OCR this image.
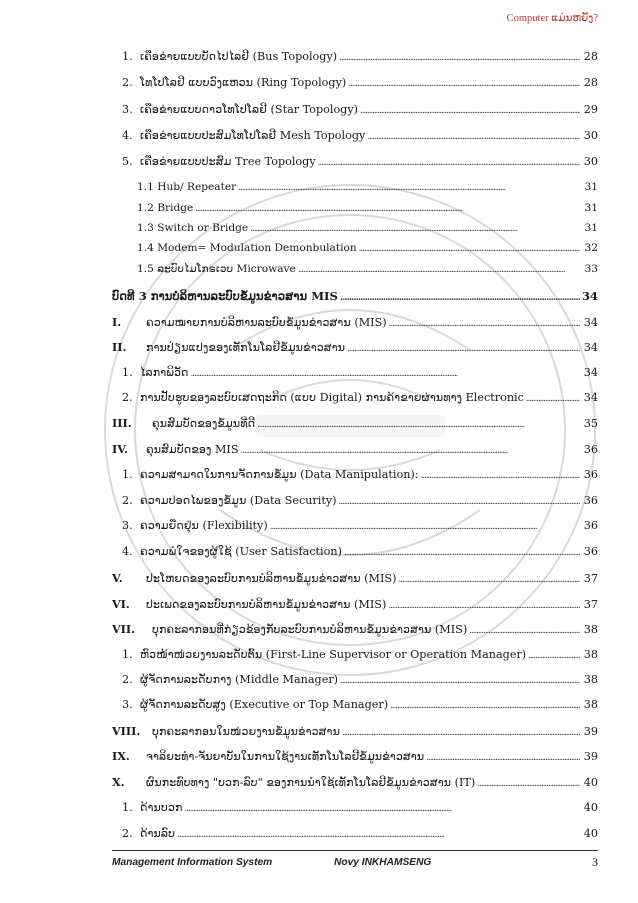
Computer ແມ່ນຫຍັງ?
1. ເຄືອຂ່າຍແບບບັດໄປໄລຢີ (Bus Topology) . . .	28
2. ໂທໂປໂລຢີ ແບບວົງແຫວນ (Ring Topology) . . .	28
3. ເຄືອຂ່າຍແບບດາວໂທໂປໂລຢີ (Star Topology) . . .	29
4. ເຄືອຂ່າຍແບບປະສົມໂທໂປໂລຢີ Mesh Topology . . .	30
5. ເຄືອຂ່າຍແບບປະສົມ Tree Topology . . .	30
1.1 Hub/ Repeater . . .	31
1.2 Bridge . . .	31
1.3 Switch or Bridge . . .	31
1.4 Modem= Modulation Demonbulation . . .	32
1.5 ລະບົບໄມໂກຣເວບ Microwave . . .	33
ບົດທີ 3 ການບໍລິຫານລະບົບຂໍ້ມູນຂ່າວສານ MIS . . .	34
I.	ຄວາມໝາຍການບໍລິຫານລະບົບຂໍ້ມູນຂ່າວສານ (MIS) . . .	34
II.	ການປ່ຽນແປງຂອງເທັກໂນໂລຢີຂໍ້ມູນຂ່າວສານ . . .	34
1. ໄລກາພິວັດ . . .	34
2. ການປັບຮູບຂອງລະບົບເສດຖະກິດ (ແບບ Digital) ການຄ້າຂາຍຜ່ານທາງ Electronic . . .	34
III.	ຄຸນສົມບັດຂອງຂໍ້ມູນທີ່ດີ . . .	35
IV.	ຄຸນສົມບັດຂອງ MIS . . .	36
1. ຄວາມສາມາດໃນການຈັດການຂໍ້ມູນ (Data Manipulation): . . .	36
2. ຄວາມປອດໄພຂອງຂໍ້ມູນ (Data Security) . . .	36
3. ຄວາມຍືດຢຸ່ນ (Flexibility) . . .	36
4. ຄວາມພໍໃຈຂອງຜູ້ໃຊ້ (User Satisfaction) . . .	36
V.	ປະໂຫຍດຂອງລະບົບການບໍລິຫານຂໍ້ມູນຂ່າວສານ (MIS) . . .	37
VI.	ປະເພດຂອງລະບົບການບໍລິຫານຂໍ້ມູນຂ່າວສານ (MIS) . . .	37
VII.	ບຸກຄະລາກອນທີ່ກ່ຽວຂ້ອງກັບລະບົບການບໍລິຫານຂໍ້ມູນຂ່າວສານ (MIS) . . .	38
1. ຫົວໜ້າໜ່ວຍງານລະດັບຕົ້ນ (First-Line Supervisor or Operation Manager) . . .	38
2. ຜູ້ຈັດການລະດັບກາງ (Middle Manager) . . .	38
3. ຜູ້ຈັດການລະດັບສູງ (Executive or Top Manager) . . .	38
VIII.	ບຸກຄະລາກອນໃນໜ່ວຍງານຂໍ້ມູນຂ່າວສານ . . .	39
IX.	ຈາລິຍະທຳ-ຈັນຍາບັນໃນການໃຊ້ງານເທັກໂນໂລຢີຂໍ້ມູນຂ່າວສານ . . .	39
X.	ຜົນກະທົບທາງ "ບວກ-ລົບ" ຂອງການນຳໃຊ້ເທັກໂນໂລຢີຂໍ້ມູນຂ່າວສານ (IT) . . .	40
1. ດ້ານບວກ . . .	40
2. ດ້ານລົບ . . .	40
Management Information System	Novy INKHAMSENG	3
